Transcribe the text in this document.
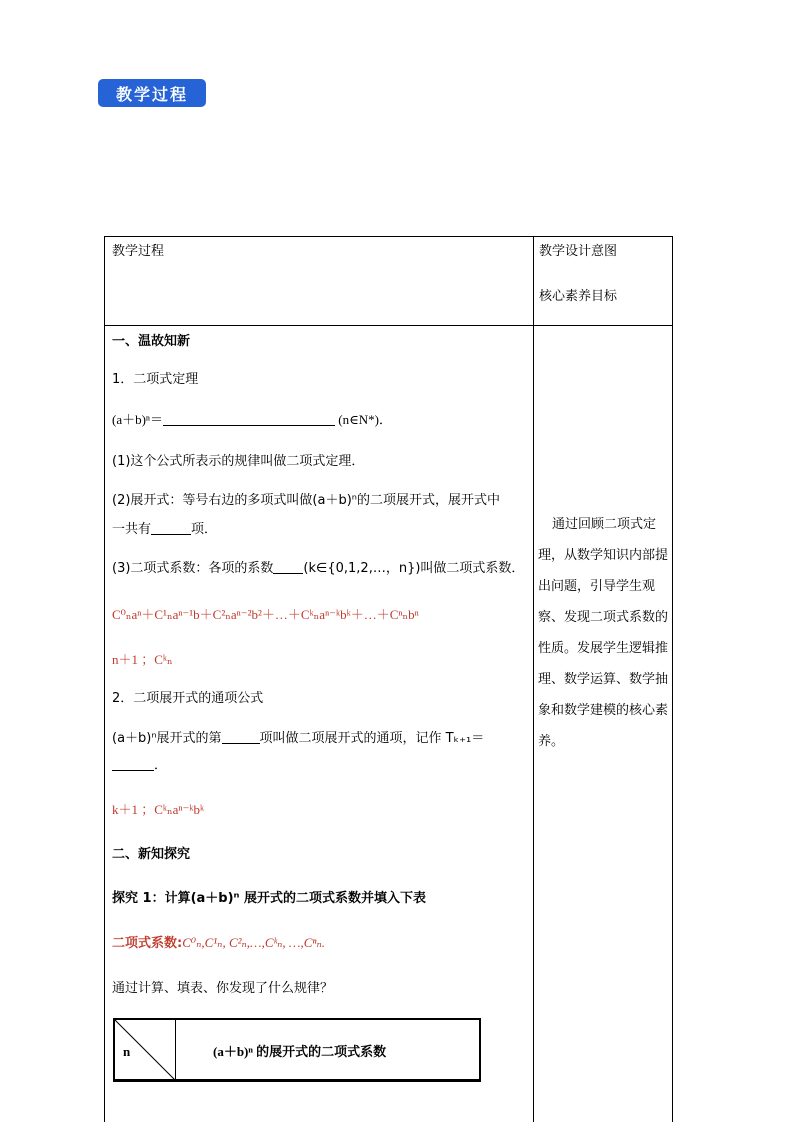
教学过程
教学过程	教学设计意图
核心素养目标
一、温故知新
1．二项式定理
(a＋b)ⁿ＝	(n∈N*)．
(1)这个公式所表示的规律叫做二项式定理．
(2)展开式：等号右边的多项式叫做(a＋b)ⁿ的二项展开式，展开式中
一共有	项．
(3)二项式系数：各项的系数 (k∈{0,1,2,…，n})叫做二项式系数．
C⁰ₙaⁿ＋C¹ₙaⁿ⁻¹b＋C²ₙaⁿ⁻²b²＋…＋Cᵏₙaⁿ⁻ᵏbᵏ＋…＋Cⁿₙbⁿ
n＋1 ；Cᵏₙ
2．二项展开式的通项公式
(a＋b)ⁿ展开式的第	项叫做二项展开式的通项，记作 Tₖ₊₁＝
．
k＋1 ；Cᵏₙaⁿ⁻ᵏbᵏ
二、新知探究
探究 1：计算(a＋b)ⁿ 展开式的二项式系数并填入下表
二项式系数:C⁰ₙ,C¹ₙ, C²ₙ,…,Cᵏₙ, …,Cⁿₙ.
通过计算、填表、你发现了什么规律？
n	(a＋b)ⁿ 的展开式的二项式系数
通过回顾二项式定理，从数学知识内部提出问题，引导学生观察、发现二项式系数的性质。发展学生逻辑推理、数学运算、数学抽象和数学建模的核心素养。
